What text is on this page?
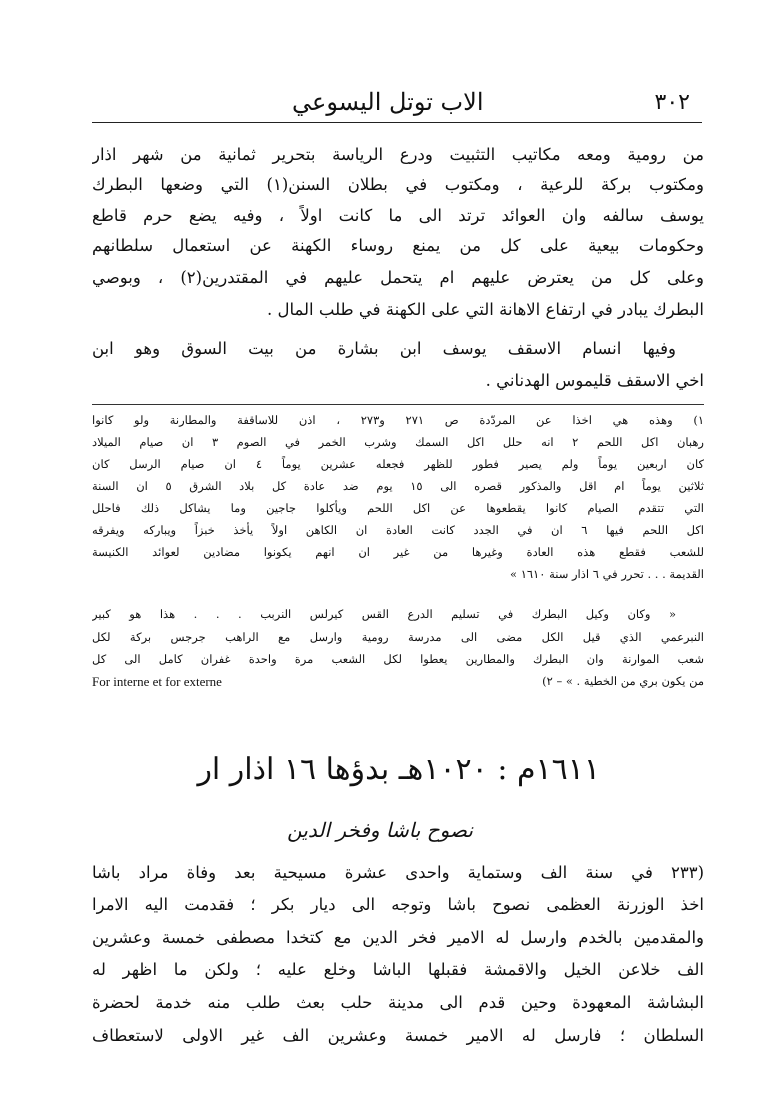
٣٠٢
الاب توتل اليسوعي
من رومية ومعه مكاتيب التثبيت ودرع الرياسة بتحرير ثمانية من شهر اذار
ومكتوب بركة للرعية ، ومكتوب في بطلان السنن(١) التي وضعها البطرك
يوسف سالفه وان العوائد ترتد الى ما كانت اولاً ، وفيه يضع حرم قاطع
وحكومات بيعية على كل من يمنع روساء الكهنة عن استعمال سلطانهم
وعلى كل من يعترض عليهم ام يتحمل عليهم في المقتدرين(٢) ، وبوصي
البطرك يبادر في ارتفاع الاهانة التي على الكهنة في طلب المال .
وفيها انسام الاسقف يوسف ابن بشارة من بيت السوق وهو ابن
اخي الاسقف قليموس الهدناني .
١) وهذه هي اخذا عن المردّدة ص ٢٧١ و٢٧٣ ، اذن للاساقفة والمطارنة ولو كانوا
رهبان اكل اللحم ٢ انه حلل اكل السمك وشرب الخمر في الصوم ٣ ان صيام الميلاد
كان اربعين يوماً ولم يصير فطور للظهر فجعله عشرين يوماً ٤ ان صيام الرسل كان
ثلاثين يوماً ام اقل والمذكور قصره الى ١٥ يوم ضد عادة كل بلاد الشرق ٥ ان السنة
التي تتقدم الصيام كانوا يقطعوها عن اكل اللحم ويأكلوا جاجين وما يشاكل ذلك فاحلل
اكل اللحم فيها ٦ ان في الجدد كانت العادة ان الكاهن اولاً يأخذ خبزاً ويباركه ويفرقه
للشعب فقطع هذه العادة وغيرها من غير ان انهم يكونوا مضادين لعوائد الكنيسة
القديمة . . . تحرر في ٦ اذار سنة ١٦١٠ »
« وكان وكيل البطرك في تسليم الدرع القس كيرلس النربب . . . هذا هو كبير
النبرعمي الذي قيل الكل مضى الى مدرسة رومية وارسل مع الراهب جرجس بركة لكل
شعب الموارنة وان البطرك والمطارين يعطوا لكل الشعب مرة واحدة غفران كامل الى كل
من يكون بري من الخطية . » – ٢)
For interne et for externe
١٦١١م : ١٠٢٠هـ بدؤها ١٦ اذار ار
نصوح باشا وفخر الدين
(٢٣٣ في سنة الف وستماية واحدى عشرة مسيحية بعد وفاة مراد باشا
اخذ الوزرنة العظمى نصوح باشا وتوجه الى ديار بكر ؛ فقدمت اليه الامرا
والمقدمين بالخدم وارسل له الامير فخر الدين مع كتخدا مصطفى خمسة وعشرين
الف خلاعن الخيل والاقمشة فقبلها الباشا وخلع عليه ؛ ولكن ما اظهر له
البشاشة المعهودة وحين قدم الى مدينة حلب بعث طلب منه خدمة لحضرة
السلطان ؛ فارسل له الامير خمسة وعشرين الف غير الاولى لاستعطاف
